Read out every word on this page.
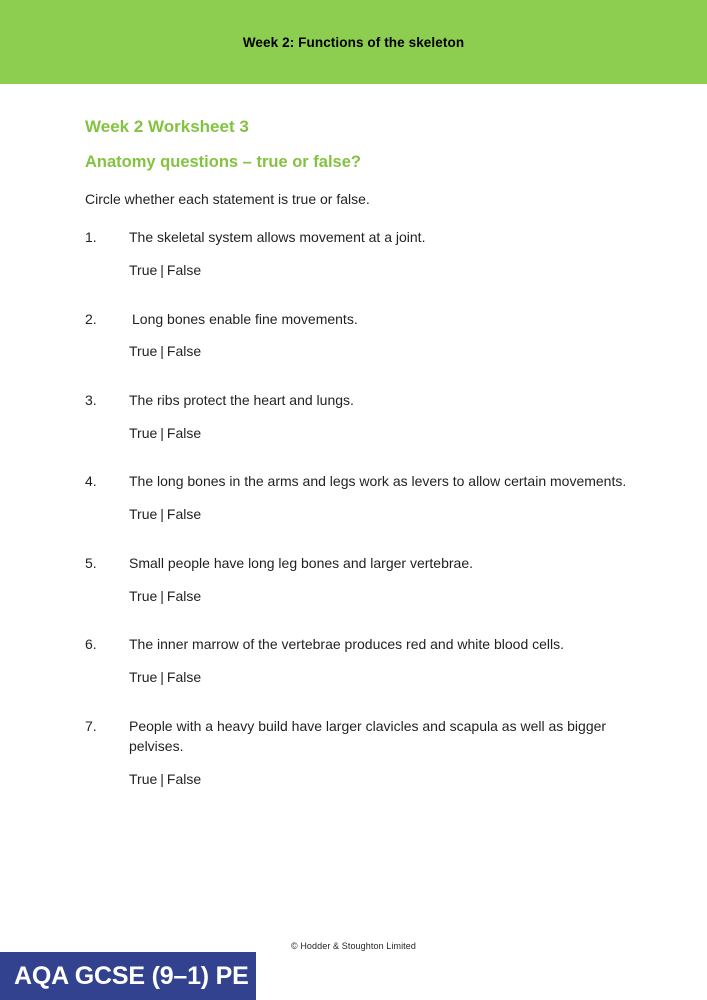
Week 2: Functions of the skeleton
Week 2 Worksheet 3
Anatomy questions – true or false?
Circle whether each statement is true or false.
1.	The skeletal system allows movement at a joint.
True | False
2.	Long bones enable fine movements.
True | False
3.	The ribs protect the heart and lungs.
True | False
4.	The long bones in the arms and legs work as levers to allow certain movements.
True | False
5.	Small people have long leg bones and larger vertebrae.
True | False
6.	The inner marrow of the vertebrae produces red and white blood cells.
True | False
7.	People with a heavy build have larger clavicles and scapula as well as bigger pelvises.
True | False
© Hodder & Stoughton Limited
AQA GCSE (9–1) PE
